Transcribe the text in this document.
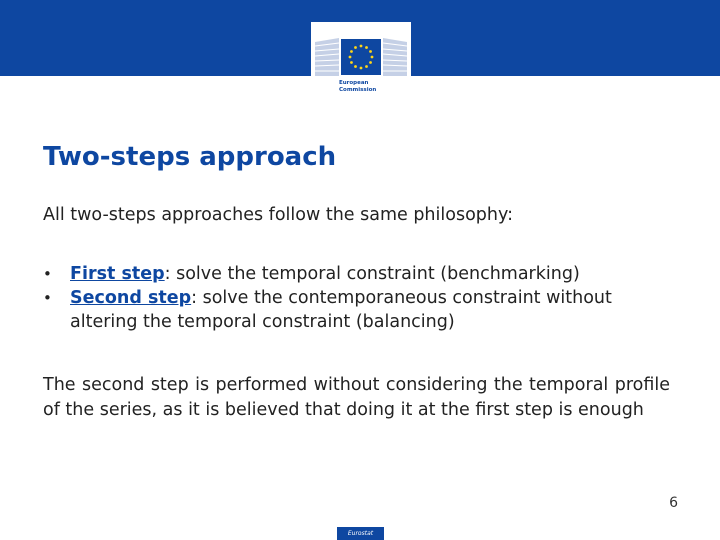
European
Commission
Two-steps approach

All two-steps approaches follow the same philosophy:

• First step: solve the temporal constraint (benchmarking)
• Second step: solve the contemporaneous constraint without altering the temporal constraint (balancing)

The second step is performed without considering the temporal profile of the series, as it is believed that doing it at the first step is enough

6
Eurostat
